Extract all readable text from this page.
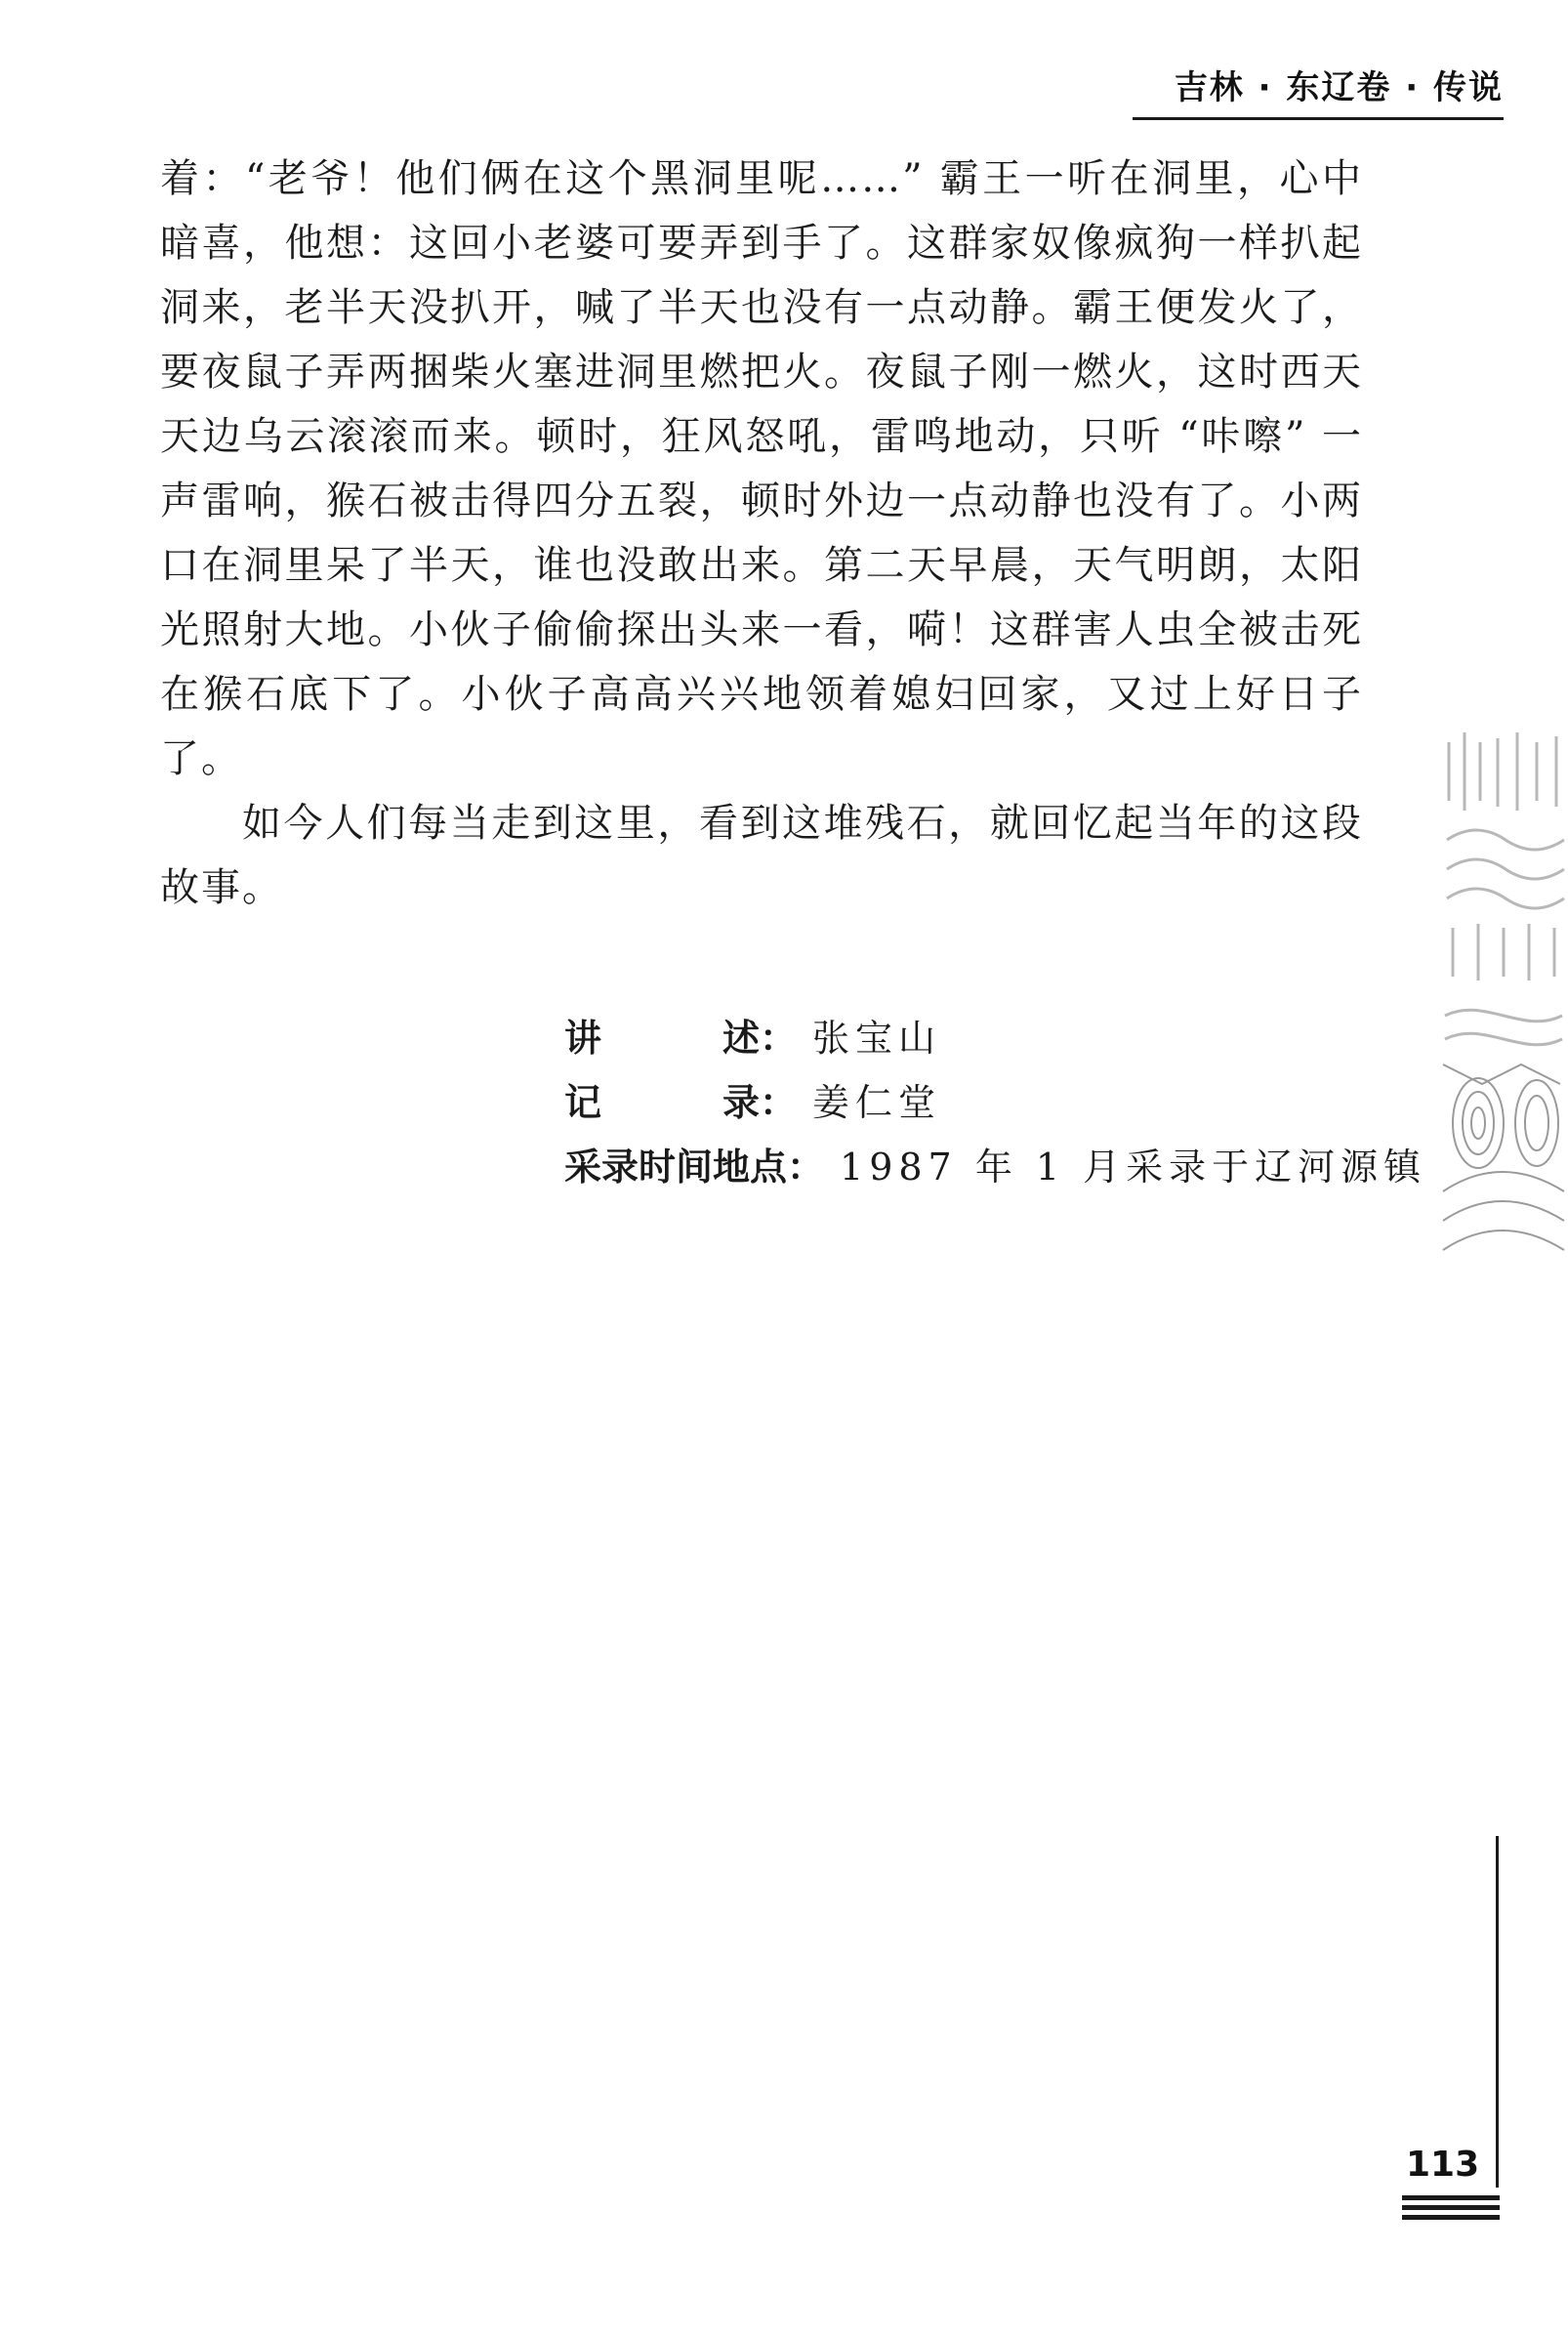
吉林 · 东辽卷 · 传说

着：“老爷！他们俩在这个黑洞里呢……” 霸王一听在洞里，心中暗喜，他想：这回小老婆可要弄到手了。这群家奴像疯狗一样扒起洞来，老半天没扒开，喊了半天也没有一点动静。霸王便发火了，要夜鼠子弄两捆柴火塞进洞里燃把火。夜鼠子刚一燃火，这时西天天边乌云滚滚而来。顿时，狂风怒吼，雷鸣地动，只听 “咔嚓” 一声雷响，猴石被击得四分五裂，顿时外边一点动静也没有了。小两口在洞里呆了半天，谁也没敢出来。第二天早晨，天气明朗，太阳光照射大地。小伙子偷偷探出头来一看，嗬！这群害人虫全被击死在猴石底下了。小伙子高高兴兴地领着媳妇回家，又过上好日子了。

如今人们每当走到这里，看到这堆残石，就回忆起当年的这段故事。

讲述 ： 张宝山
记录 ： 姜仁堂
采录时间地点 ： 1987 年 1 月采录于辽河源镇
113
